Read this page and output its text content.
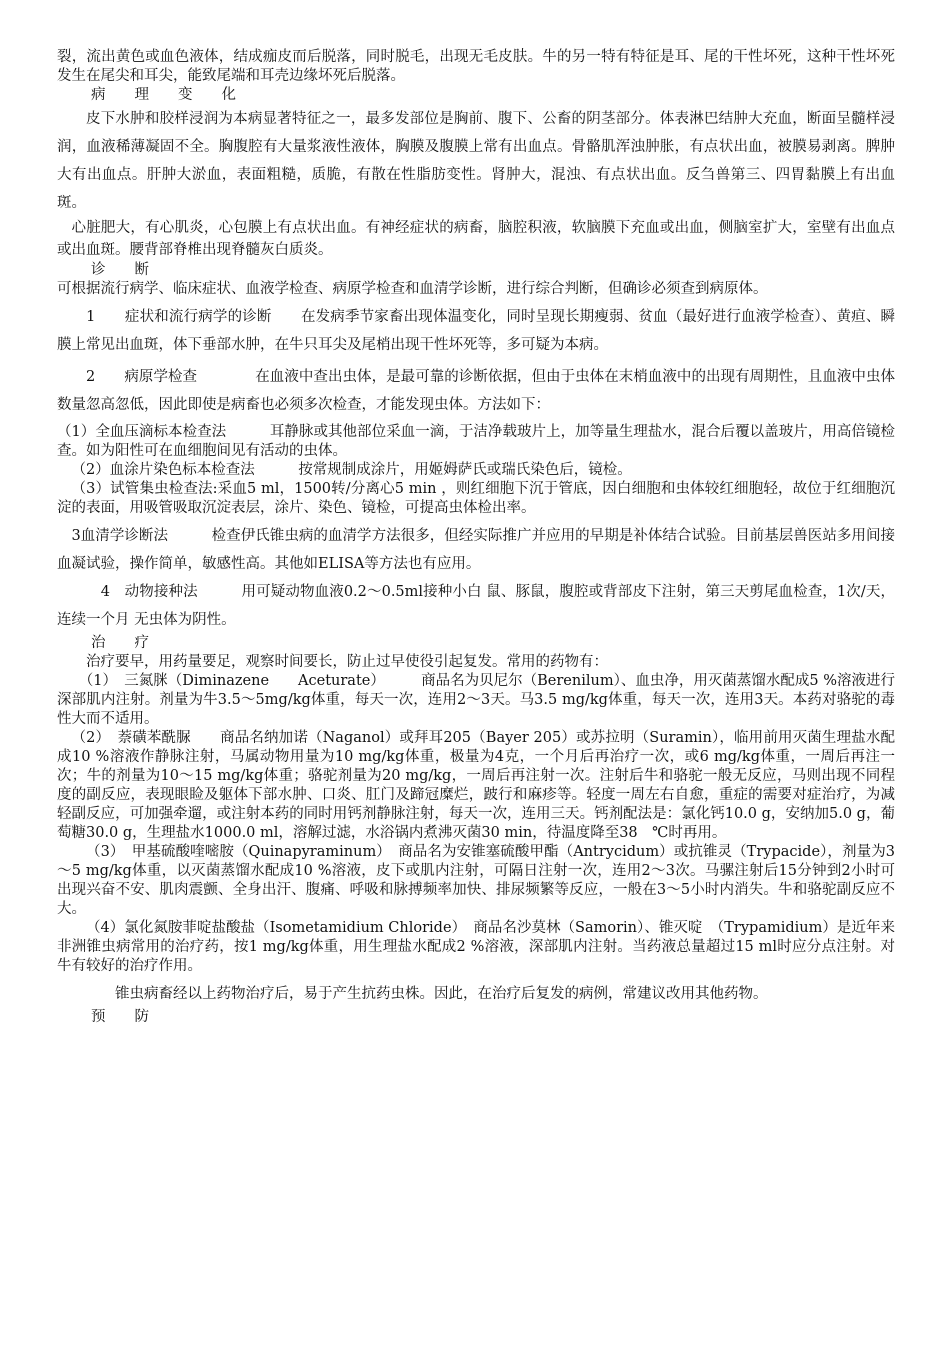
裂，流出黄色或血色液体，结成痂皮而后脱落，同时脱毛，出现无毛皮肤。牛的另一特有特征是耳、尾的干性坏死，这种干性坏死发生在尾尖和耳尖，能致尾端和耳壳边缘坏死后脱落。

病　　理　　变　　化

皮下水肿和胶样浸润为本病显著特征之一，最多发部位是胸前、腹下、公畜的阴茎部分。体表淋巴结肿大充血，断面呈髓样浸润，血液稀薄凝固不全。胸腹腔有大量浆液性液体，胸膜及腹膜上常有出血点。骨骼肌浑浊肿胀，有点状出血，被膜易剥离。脾肿大有出血点。肝肿大淤血，表面粗糙，质脆，有散在性脂肪变性。肾肿大，混浊、有点状出血。反刍兽第三、四胃黏膜上有出血斑。

心脏肥大，有心肌炎，心包膜上有点状出血。有神经症状的病畜，脑腔积液，软脑膜下充血或出血，侧脑室扩大，室壁有出血点或出血斑。腰背部脊椎出现脊髓灰白质炎。

诊　　断

可根据流行病学、临床症状、血液学检查、病原学检查和血清学诊断，进行综合判断，但确诊必须查到病原体。

　1　　症状和流行病学的诊断　　在发病季节家畜出现体温变化，同时呈现长期瘦弱、贫血（最好进行血液学检查）、黄疸、瞬膜上常见出血斑，体下垂部水肿，在牛只耳尖及尾梢出现干性坏死等，多可疑为本病。

　2　　病原学检查　　　　在血液中查出虫体，是最可靠的诊断依据，但由于虫体在末梢血液中的出现有周期性，且血液中虫体数量忽高忽低，因此即使是病畜也必须多次检查，才能发现虫体。方法如下：

（1）全血压滴标本检查法　　　耳静脉或其他部位采血一滴，于洁净载玻片上，加等量生理盐水，混合后覆以盖玻片，用高倍镜检查。如为阳性可在血细胞间见有活动的虫体。

（2）血涂片染色标本检查法　　　按常规制成涂片，用姬姆萨氏或瑞氏染色后，镜检。

（3）试管集虫检查法:采血5 ml，1500转/分离心5 min ，则红细胞下沉于管底，因白细胞和虫体较红细胞轻，故位于红细胞沉淀的表面，用吸管吸取沉淀表层，涂片、染色、镜检，可提高虫体检出率。

3血清学诊断法　　　检查伊氏锥虫病的血清学方法很多，但经实际推广并应用的早期是补体结合试验。目前基层兽医站多用间接血凝试验，操作简单，敏感性高。其他如ELISA等方法也有应用。

　　4　动物接种法　　　用可疑动物血液0.2～0.5ml接种小白 鼠、豚鼠，腹腔或背部皮下注射，第三天剪尾血检查，1次/天，连续一个月 无虫体为阴性。

治　　疗

治疗要早，用药量要足，观察时间要长，防止过早使役引起复发。常用的药物有：

　（1）　三氮脒（Diminazene　　Aceturate）　　　商品名为贝尼尔（Berenilum）、血虫净，用灭菌蒸馏水配成5 %溶液进行深部肌内注射。剂量为牛3.5～5mg/kg体重，每天一次，连用2～3天。马3.5 mg/kg体重，每天一次，连用3天。本药对骆驼的毒性大而不适用。

（2）　萘磺苯酰脲　　商品名纳加诺（Naganol）或拜耳205（Bayer 205）或苏拉明（Suramin），临用前用灭菌生理盐水配成10 %溶液作静脉注射，马属动物用量为10 mg/kg体重，极量为4克，一个月后再治疗一次，或6 mg/kg体重，一周后再注一次；牛的剂量为10～15 mg/kg体重；骆驼剂量为20 mg/kg，一周后再注射一次。注射后牛和骆驼一般无反应，马则出现不同程度的副反应，表现眼睑及躯体下部水肿、口炎、肛门及蹄冠糜烂，跛行和麻疹等。轻度一周左右自愈，重症的需要对症治疗，为减轻副反应，可加强牵遛，或注射本药的同时用钙剂静脉注射，每天一次，连用三天。钙剂配法是：氯化钙10.0 g，安纳加5.0 g，葡萄糖30.0 g，生理盐水1000.0 ml，溶解过滤，水浴锅内煮沸灭菌30 min，待温度降至38　℃时再用。

（3）　甲基硫酸喹嘧胺（Quinapyraminum）　商品名为安锥塞硫酸甲酯（Antrycidum）或抗锥灵（Trypacide），剂量为3～5 mg/kg体重，以灭菌蒸馏水配成10 %溶液，皮下或肌内注射，可隔日注射一次，连用2～3次。马骡注射后15分钟到2小时可出现兴奋不安、肌肉震颤、全身出汗、腹痛、呼吸和脉搏频率加快、排尿频繁等反应，一般在3～5小时内消失。牛和骆驼副反应不大。

（4）氯化氮胺菲啶盐酸盐（Isometamidium Chloride）　商品名沙莫林（Samorin）、锥灭啶　（Trypamidium）是近年来非洲锥虫病常用的治疗药，按1 mg/kg体重，用生理盐水配成2 %溶液，深部肌内注射。当药液总量超过15 ml时应分点注射。对牛有较好的治疗作用。

　　锥虫病畜经以上药物治疗后，易于产生抗药虫株。因此，在治疗后复发的病例，常建议改用其他药物。

预　　防
